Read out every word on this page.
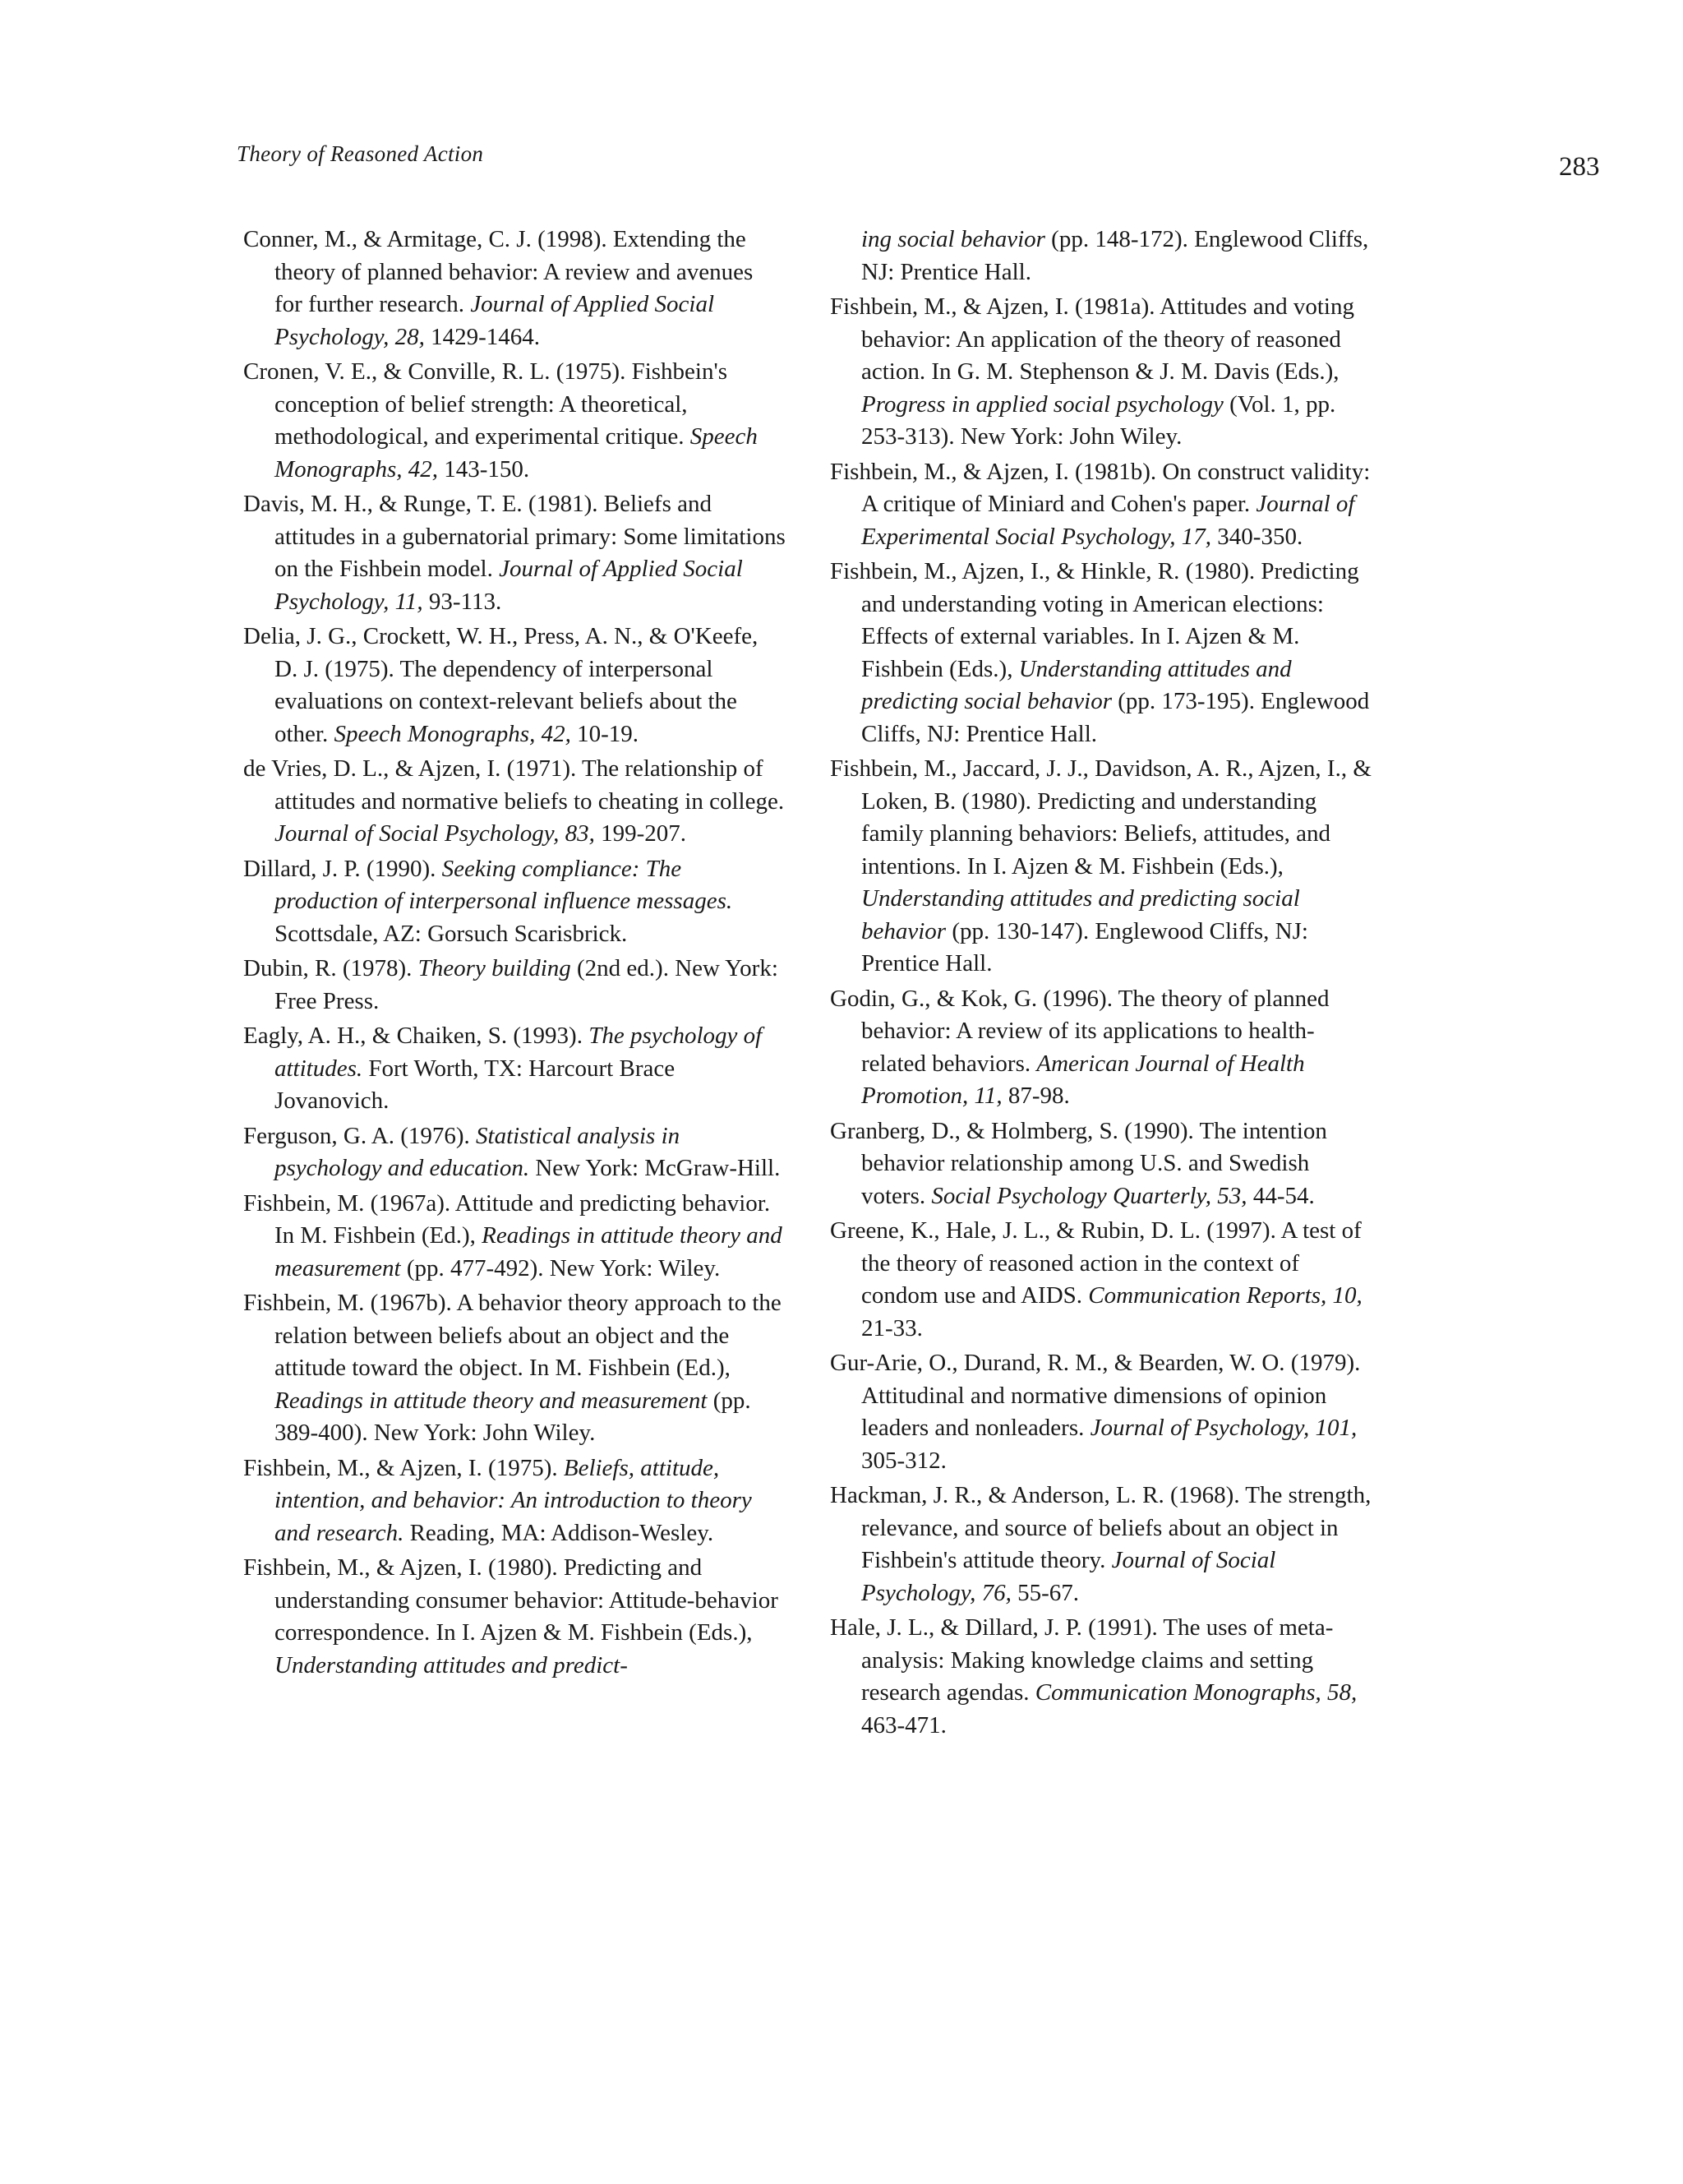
Theory of Reasoned Action	283

Conner, M., & Armitage, C. J. (1998). Extending the theory of planned behavior: A review and avenues for further research. Journal of Applied Social Psychology, 28, 1429-1464.

Cronen, V. E., & Conville, R. L. (1975). Fishbein's conception of belief strength: A theoretical, methodological, and experimental critique. Speech Monographs, 42, 143-150.

Davis, M. H., & Runge, T. E. (1981). Beliefs and attitudes in a gubernatorial primary: Some limitations on the Fishbein model. Journal of Applied Social Psychology, 11, 93-113.

Delia, J. G., Crockett, W. H., Press, A. N., & O'Keefe, D. J. (1975). The dependency of interpersonal evaluations on context-relevant beliefs about the other. Speech Monographs, 42, 10-19.

de Vries, D. L., & Ajzen, I. (1971). The relationship of attitudes and normative beliefs to cheating in college. Journal of Social Psychology, 83, 199-207.

Dillard, J. P. (1990). Seeking compliance: The production of interpersonal influence messages. Scottsdale, AZ: Gorsuch Scarisbrick.

Dubin, R. (1978). Theory building (2nd ed.). New York: Free Press.

Eagly, A. H., & Chaiken, S. (1993). The psychology of attitudes. Fort Worth, TX: Harcourt Brace Jovanovich.

Ferguson, G. A. (1976). Statistical analysis in psychology and education. New York: McGraw-Hill.

Fishbein, M. (1967a). Attitude and predicting behavior. In M. Fishbein (Ed.), Readings in attitude theory and measurement (pp. 477-492). New York: Wiley.

Fishbein, M. (1967b). A behavior theory approach to the relation between beliefs about an object and the attitude toward the object. In M. Fishbein (Ed.), Readings in attitude theory and measurement (pp. 389-400). New York: John Wiley.

Fishbein, M., & Ajzen, I. (1975). Beliefs, attitude, intention, and behavior: An introduction to theory and research. Reading, MA: Addison-Wesley.

Fishbein, M., & Ajzen, I. (1980). Predicting and understanding consumer behavior: Attitude-behavior correspondence. In I. Ajzen & M. Fishbein (Eds.), Understanding attitudes and predict-

ing social behavior (pp. 148-172). Englewood Cliffs, NJ: Prentice Hall.

Fishbein, M., & Ajzen, I. (1981a). Attitudes and voting behavior: An application of the theory of reasoned action. In G. M. Stephenson & J. M. Davis (Eds.), Progress in applied social psychology (Vol. 1, pp. 253-313). New York: John Wiley.

Fishbein, M., & Ajzen, I. (1981b). On construct validity: A critique of Miniard and Cohen's paper. Journal of Experimental Social Psychology, 17, 340-350.

Fishbein, M., Ajzen, I., & Hinkle, R. (1980). Predicting and understanding voting in American elections: Effects of external variables. In I. Ajzen & M. Fishbein (Eds.), Understanding attitudes and predicting social behavior (pp. 173-195). Englewood Cliffs, NJ: Prentice Hall.

Fishbein, M., Jaccard, J. J., Davidson, A. R., Ajzen, I., & Loken, B. (1980). Predicting and understanding family planning behaviors: Beliefs, attitudes, and intentions. In I. Ajzen & M. Fishbein (Eds.), Understanding attitudes and predicting social behavior (pp. 130-147). Englewood Cliffs, NJ: Prentice Hall.

Godin, G., & Kok, G. (1996). The theory of planned behavior: A review of its applications to health-related behaviors. American Journal of Health Promotion, 11, 87-98.

Granberg, D., & Holmberg, S. (1990). The intention behavior relationship among U.S. and Swedish voters. Social Psychology Quarterly, 53, 44-54.

Greene, K., Hale, J. L., & Rubin, D. L. (1997). A test of the theory of reasoned action in the context of condom use and AIDS. Communication Reports, 10, 21-33.

Gur-Arie, O., Durand, R. M., & Bearden, W. O. (1979). Attitudinal and normative dimensions of opinion leaders and nonleaders. Journal of Psychology, 101, 305-312.

Hackman, J. R., & Anderson, L. R. (1968). The strength, relevance, and source of beliefs about an object in Fishbein's attitude theory. Journal of Social Psychology, 76, 55-67.

Hale, J. L., & Dillard, J. P. (1991). The uses of meta-analysis: Making knowledge claims and setting research agendas. Communication Monographs, 58, 463-471.
